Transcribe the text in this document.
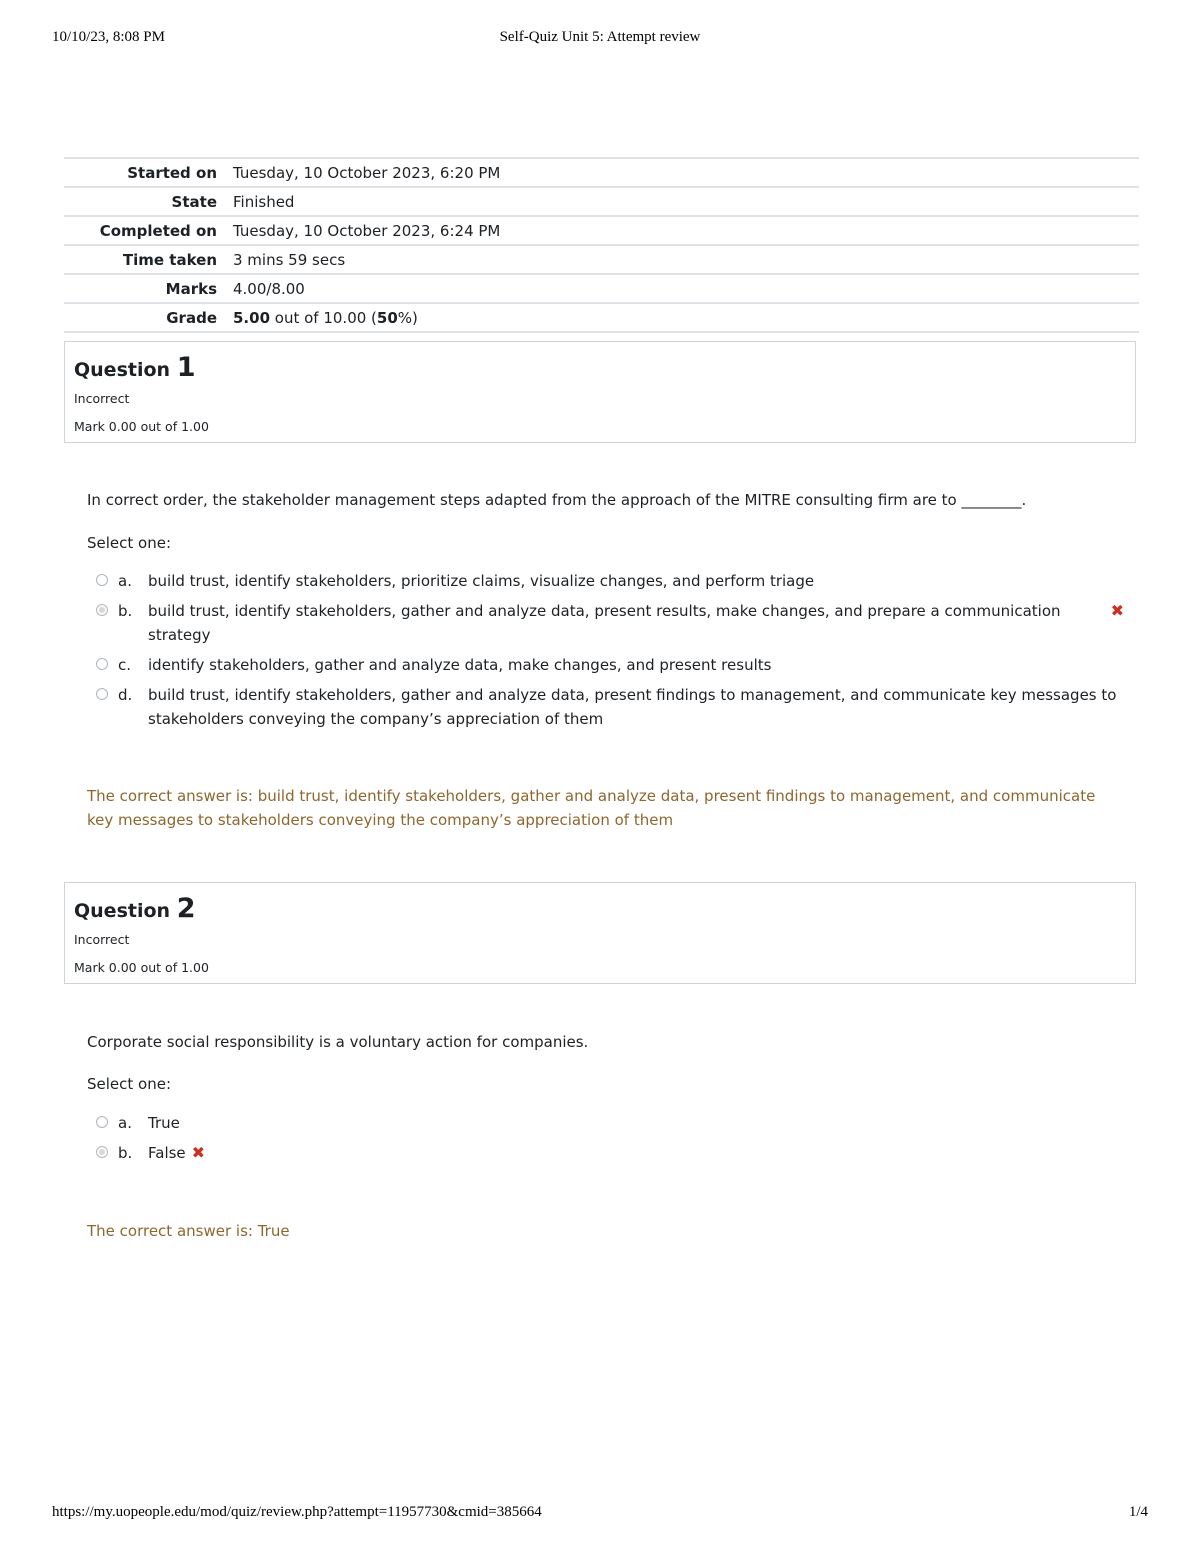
10/10/23, 8:08 PM	Self-Quiz Unit 5: Attempt review
Started on	Tuesday, 10 October 2023, 6:20 PM
State	Finished
Completed on	Tuesday, 10 October 2023, 6:24 PM
Time taken	3 mins 59 secs
Marks	4.00/8.00
Grade	5.00 out of 10.00 (50%)
Question 1
Incorrect
Mark 0.00 out of 1.00
In correct order, the stakeholder management steps adapted from the approach of the MITRE consulting firm are to ________.
Select one:
a.	build trust, identify stakeholders, prioritize claims, visualize changes, and perform triage
b.	build trust, identify stakeholders, gather and analyze data, present results, make changes, and prepare a communication strategy
✖
c.	identify stakeholders, gather and analyze data, make changes, and present results
d.	build trust, identify stakeholders, gather and analyze data, present findings to management, and communicate key messages to stakeholders conveying the company’s appreciation of them
The correct answer is: build trust, identify stakeholders, gather and analyze data, present findings to management, and communicate key messages to stakeholders conveying the company’s appreciation of them
Question 2
Incorrect
Mark 0.00 out of 1.00
Corporate social responsibility is a voluntary action for companies.
Select one:
a.	True
b.	False ✖
The correct answer is: True
https://my.uopeople.edu/mod/quiz/review.php?attempt=11957730&cmid=385664	1/4
